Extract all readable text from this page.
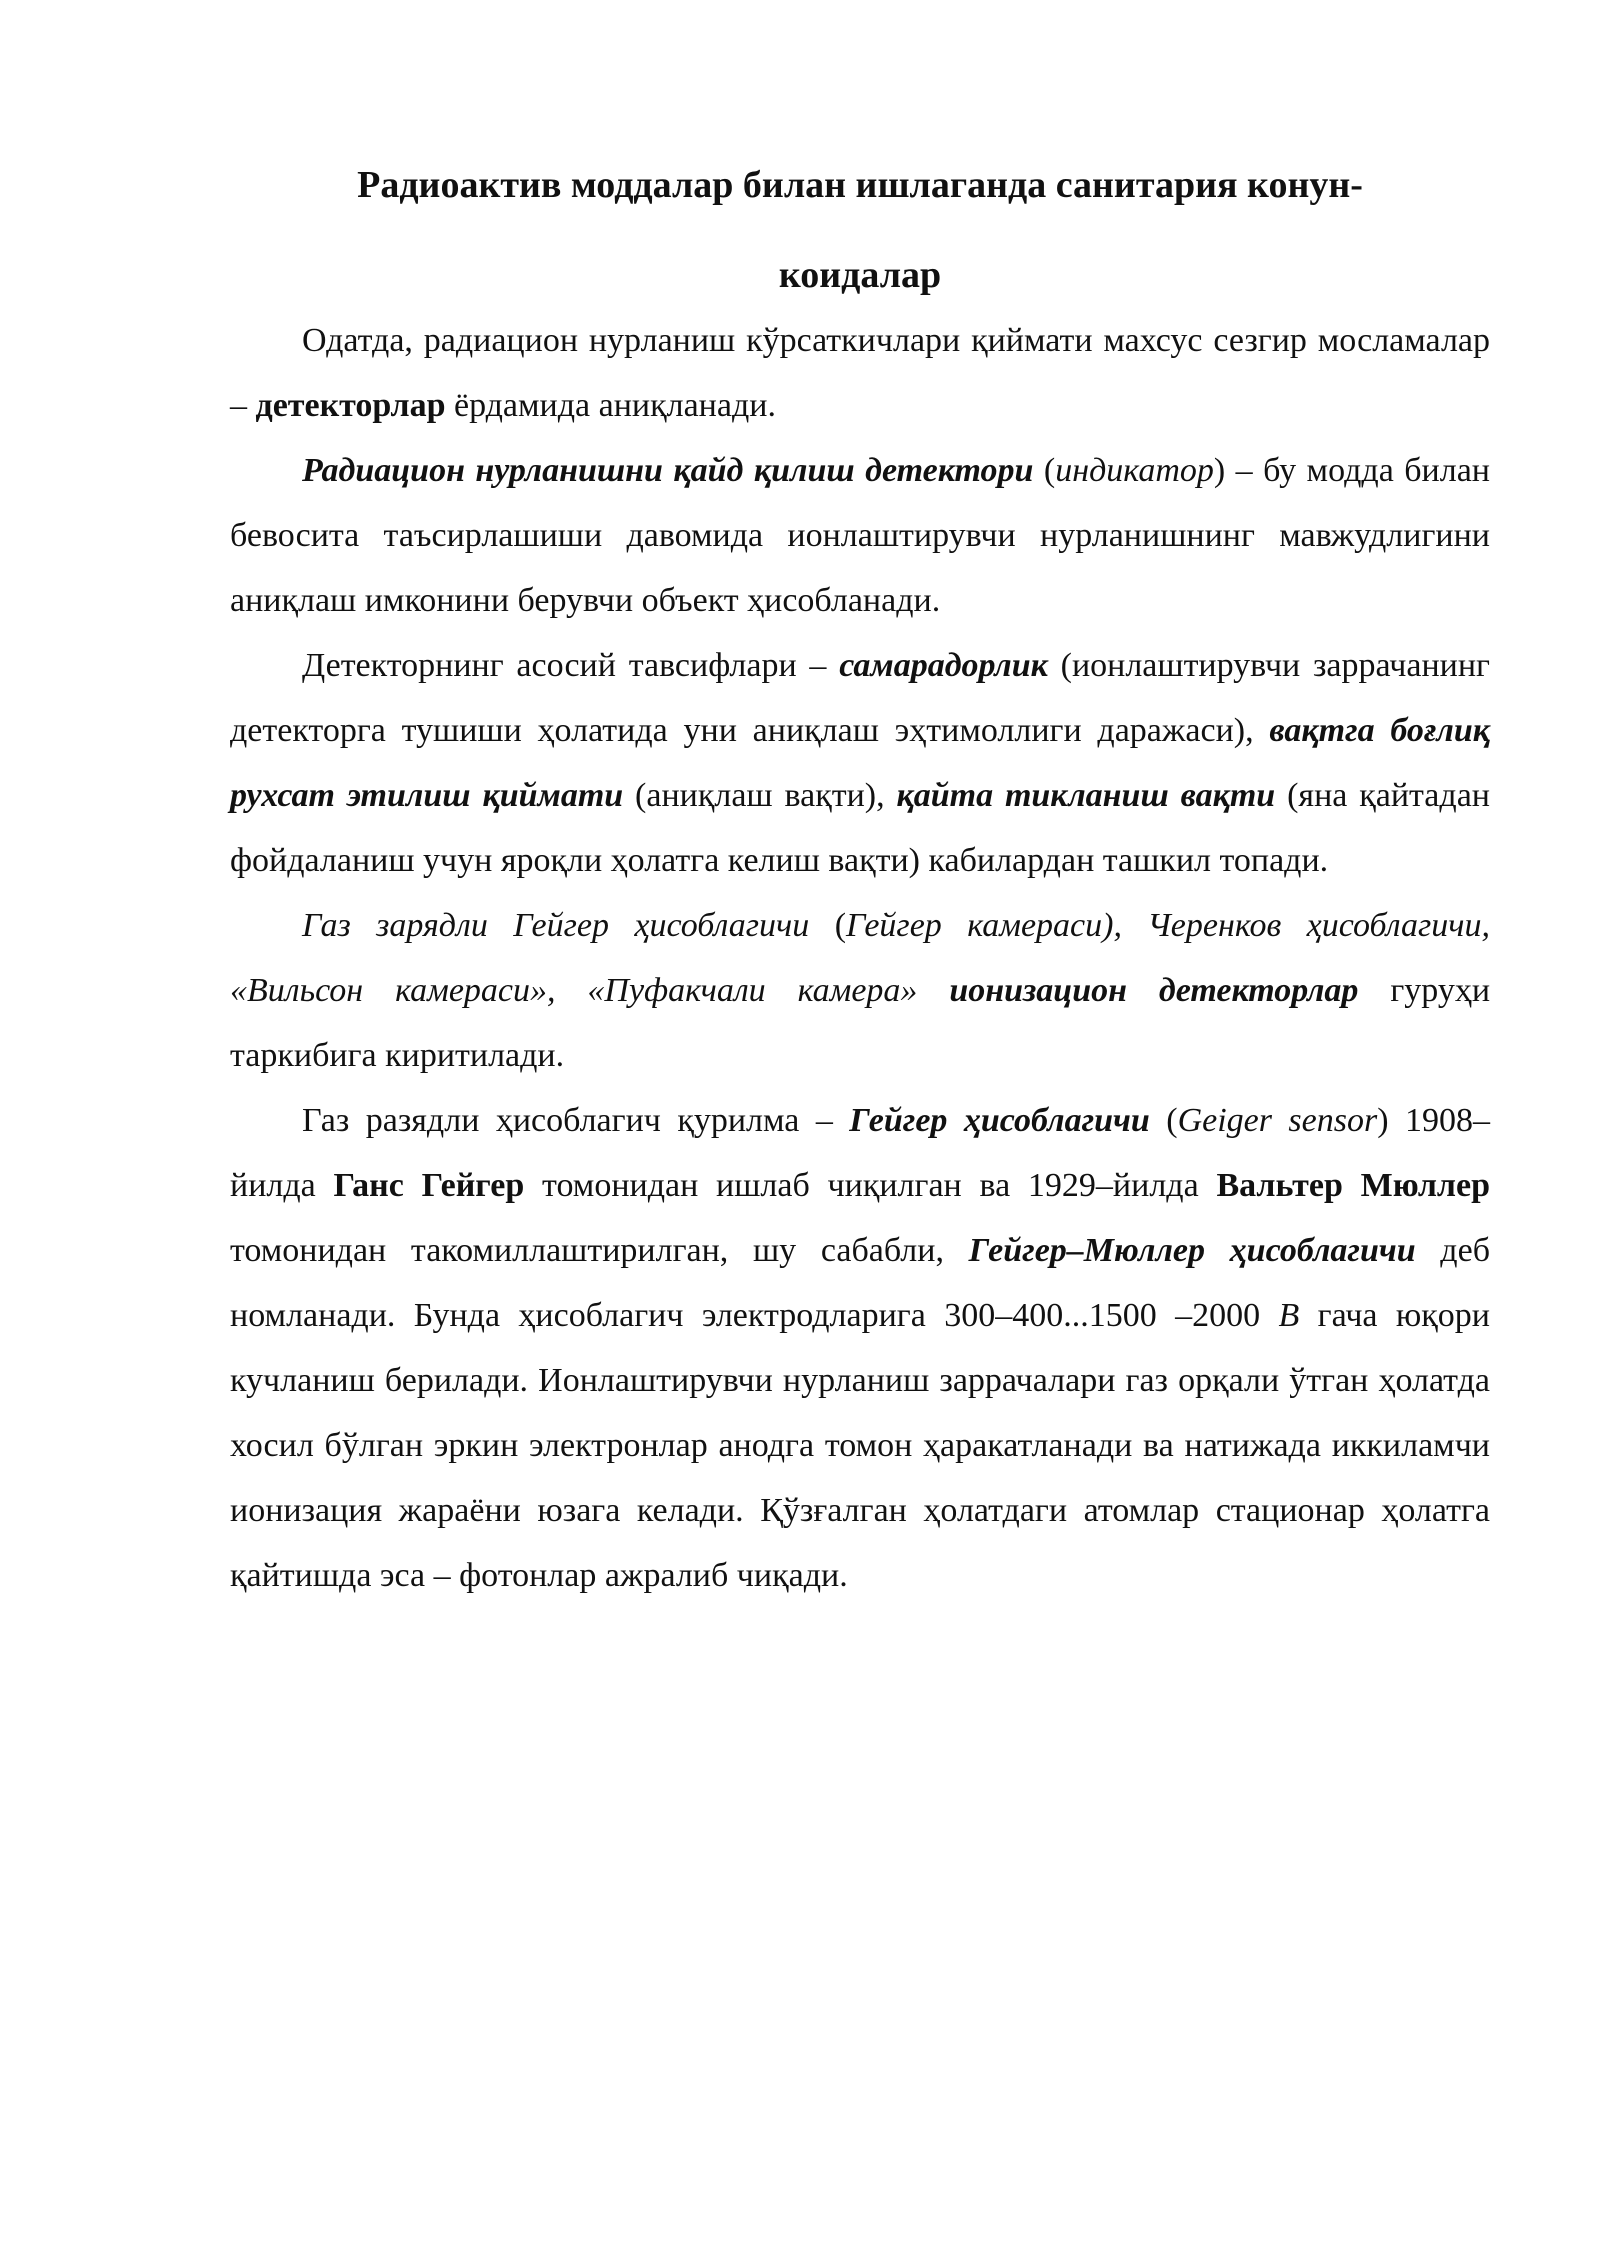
Радиоактив моддалар билан ишлаганда санитария конун-
коидалар

Одатда, радиацион нурланиш кўрсаткичлари қиймати махсус сезгир мосламалар – детекторлар ёрдамида аниқланади.

Радиацион нурланишни қайд қилиш детектори (индикатор) – бу модда билан бевосита таъсирлашиши давомида ионлаштирувчи нурланишнинг мавжудлигини аниқлаш имконини берувчи объект ҳисобланади.

Детекторнинг асосий тавсифлари – самарадорлик (ионлаштирувчи заррачанинг детекторга тушиши ҳолатида уни аниқлаш эҳтимоллиги даражаси), вақтга боғлиқ рухсат этилиш қиймати (аниқлаш вақти), қайта тикланиш вақти (яна қайтадан фойдаланиш учун яроқли ҳолатга келиш вақти) кабилардан ташкил топади.

Газ зарядли Гейгер ҳисоблагичи (Гейгер камераси), Черенков ҳисоблагичи, «Вильсон камераси», «Пуфакчали камера» ионизацион детекторлар гуруҳи таркибига киритилади.

Газ разядли ҳисоблагич қурилма – Гейгер ҳисоблагичи (Geiger sensor) 1908–йилда Ганс Гейгер томонидан ишлаб чиқилган ва 1929–йилда Вальтер Мюллер томонидан такомиллаштирилган, шу сабабли, Гейгер–Мюллер ҳисоблагичи деб номланади. Бунда ҳисоблагич электродларига 300–400...1500 –2000 В гача юқори кучланиш берилади. Ионлаштирувчи нурланиш заррачалари газ орқали ўтган ҳолатда хосил бўлган эркин электронлар анодга томон ҳаракатланади ва натижада иккиламчи ионизация жараёни юзага келади. Қўзғалган ҳолатдаги атомлар стационар ҳолатга қайтишда эса – фотонлар ажралиб чиқади.
